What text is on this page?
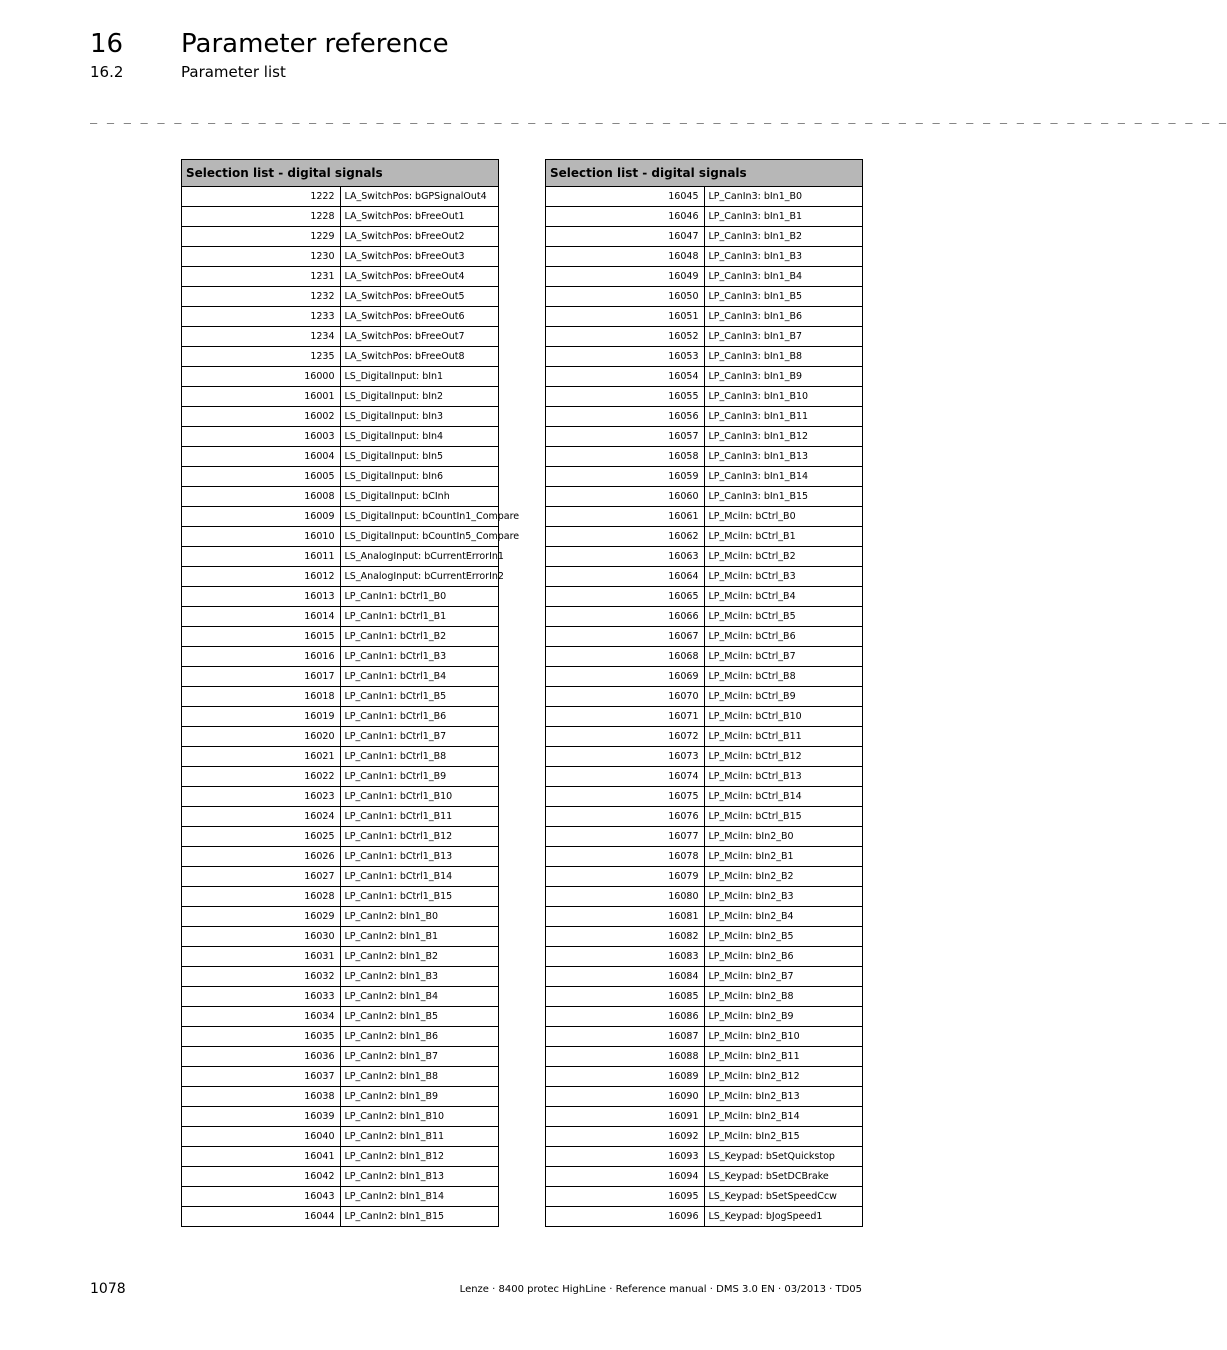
16 Parameter reference
16.2	Parameter list
_ _ _ _ _ _ _ _ _ _ _ _ _ _ _ _ _ _ _ _ _ _ _ _ _ _ _ _ _ _ _ _ _ _ _ _ _ _ _ _ _ _ _ _ _ _ _ _ _ _ _ _ _ _ _ _ _ _ _ _ _ _ _ _ _ _ _ _
Selection list - digital signals	
1222	LA_SwitchPos: bGPSignalOut4
1228	LA_SwitchPos: bFreeOut1
1229	LA_SwitchPos: bFreeOut2
1230	LA_SwitchPos: bFreeOut3
1231	LA_SwitchPos: bFreeOut4
1232	LA_SwitchPos: bFreeOut5
1233	LA_SwitchPos: bFreeOut6
1234	LA_SwitchPos: bFreeOut7
1235	LA_SwitchPos: bFreeOut8
16000	LS_DigitalInput: bIn1
16001	LS_DigitalInput: bIn2
16002	LS_DigitalInput: bIn3
16003	LS_DigitalInput: bIn4
16004	LS_DigitalInput: bIn5
16005	LS_DigitalInput: bIn6
16008	LS_DigitalInput: bCInh
16009	LS_DigitalInput: bCountIn1_Compare
16010	LS_DigitalInput: bCountIn5_Compare
16011	LS_AnalogInput: bCurrentErrorIn1
16012	LS_AnalogInput: bCurrentErrorIn2
16013	LP_CanIn1: bCtrl1_B0
16014	LP_CanIn1: bCtrl1_B1
16015	LP_CanIn1: bCtrl1_B2
16016	LP_CanIn1: bCtrl1_B3
16017	LP_CanIn1: bCtrl1_B4
16018	LP_CanIn1: bCtrl1_B5
16019	LP_CanIn1: bCtrl1_B6
16020	LP_CanIn1: bCtrl1_B7
16021	LP_CanIn1: bCtrl1_B8
16022	LP_CanIn1: bCtrl1_B9
16023	LP_CanIn1: bCtrl1_B10
16024	LP_CanIn1: bCtrl1_B11
16025	LP_CanIn1: bCtrl1_B12
16026	LP_CanIn1: bCtrl1_B13
16027	LP_CanIn1: bCtrl1_B14
16028	LP_CanIn1: bCtrl1_B15
16029	LP_CanIn2: bIn1_B0
16030	LP_CanIn2: bIn1_B1
16031	LP_CanIn2: bIn1_B2
16032	LP_CanIn2: bIn1_B3
16033	LP_CanIn2: bIn1_B4
16034	LP_CanIn2: bIn1_B5
16035	LP_CanIn2: bIn1_B6
16036	LP_CanIn2: bIn1_B7
16037	LP_CanIn2: bIn1_B8
16038	LP_CanIn2: bIn1_B9
16039	LP_CanIn2: bIn1_B10
16040	LP_CanIn2: bIn1_B11
16041	LP_CanIn2: bIn1_B12
16042	LP_CanIn2: bIn1_B13
16043	LP_CanIn2: bIn1_B14
16044	LP_CanIn2: bIn1_B15
Selection list - digital signals	
16045	LP_CanIn3: bIn1_B0
16046	LP_CanIn3: bIn1_B1
16047	LP_CanIn3: bIn1_B2
16048	LP_CanIn3: bIn1_B3
16049	LP_CanIn3: bIn1_B4
16050	LP_CanIn3: bIn1_B5
16051	LP_CanIn3: bIn1_B6
16052	LP_CanIn3: bIn1_B7
16053	LP_CanIn3: bIn1_B8
16054	LP_CanIn3: bIn1_B9
16055	LP_CanIn3: bIn1_B10
16056	LP_CanIn3: bIn1_B11
16057	LP_CanIn3: bIn1_B12
16058	LP_CanIn3: bIn1_B13
16059	LP_CanIn3: bIn1_B14
16060	LP_CanIn3: bIn1_B15
16061	LP_MciIn: bCtrl_B0
16062	LP_MciIn: bCtrl_B1
16063	LP_MciIn: bCtrl_B2
16064	LP_MciIn: bCtrl_B3
16065	LP_MciIn: bCtrl_B4
16066	LP_MciIn: bCtrl_B5
16067	LP_MciIn: bCtrl_B6
16068	LP_MciIn: bCtrl_B7
16069	LP_MciIn: bCtrl_B8
16070	LP_MciIn: bCtrl_B9
16071	LP_MciIn: bCtrl_B10
16072	LP_MciIn: bCtrl_B11
16073	LP_MciIn: bCtrl_B12
16074	LP_MciIn: bCtrl_B13
16075	LP_MciIn: bCtrl_B14
16076	LP_MciIn: bCtrl_B15
16077	LP_MciIn: bIn2_B0
16078	LP_MciIn: bIn2_B1
16079	LP_MciIn: bIn2_B2
16080	LP_MciIn: bIn2_B3
16081	LP_MciIn: bIn2_B4
16082	LP_MciIn: bIn2_B5
16083	LP_MciIn: bIn2_B6
16084	LP_MciIn: bIn2_B7
16085	LP_MciIn: bIn2_B8
16086	LP_MciIn: bIn2_B9
16087	LP_MciIn: bIn2_B10
16088	LP_MciIn: bIn2_B11
16089	LP_MciIn: bIn2_B12
16090	LP_MciIn: bIn2_B13
16091	LP_MciIn: bIn2_B14
16092	LP_MciIn: bIn2_B15
16093	LS_Keypad: bSetQuickstop
16094	LS_Keypad: bSetDCBrake
16095	LS_Keypad: bSetSpeedCcw
16096	LS_Keypad: bJogSpeed1
1078	Lenze · 8400 protec HighLine · Reference manual · DMS 3.0 EN · 03/2013 · TD05
